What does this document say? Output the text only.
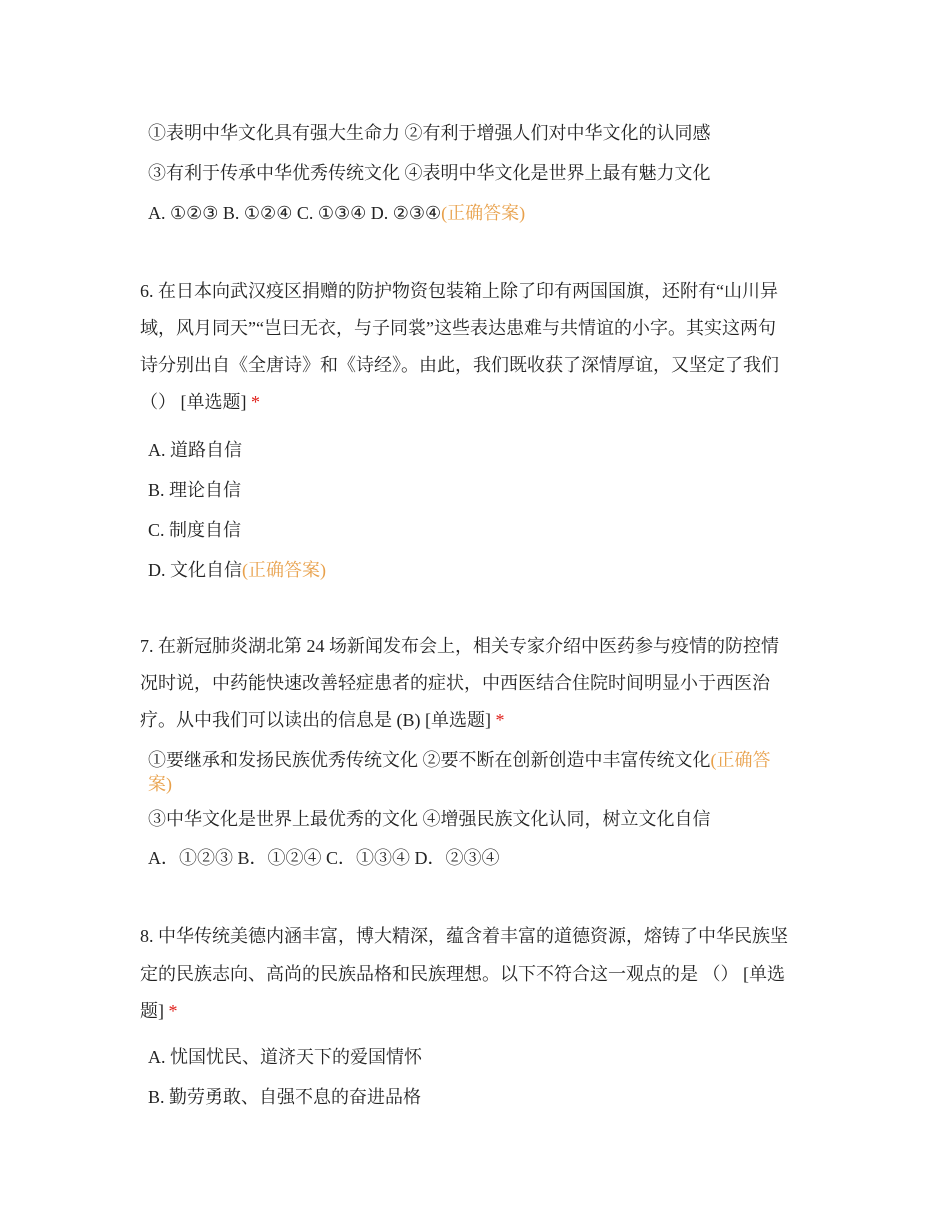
①表明中华文化具有强大生命力 ②有利于增强人们对中华文化的认同感
③有利于传承中华优秀传统文化 ④表明中华文化是世界上最有魅力文化
A. ①②③ B. ①②④ C. ①③④ D. ②③④(正确答案)
6. 在日本向武汉疫区捐赠的防护物资包装箱上除了印有两国国旗，还附有“山川异
域，风月同天”“岂曰无衣，与子同裳”这些表达患难与共情谊的小字。其实这两句
诗分别出自《全唐诗》和《诗经》。由此，我们既收获了深情厚谊，又坚定了我们
（） [单选题] *
A. 道路自信
B. 理论自信
C. 制度自信
D. 文化自信(正确答案)
7. 在新冠肺炎湖北第 24 场新闻发布会上，相关专家介绍中医药参与疫情的防控情
况时说，中药能快速改善轻症患者的症状，中西医结合住院时间明显小于西医治
疗。从中我们可以读出的信息是 (B) [单选题] *
①要继承和发扬民族优秀传统文化 ②要不断在创新创造中丰富传统文化(正确答
案)
③中华文化是世界上最优秀的文化 ④增强民族文化认同，树立文化自信
A．①②③ B．①②④ C．①③④ D．②③④
8. 中华传统美德内涵丰富，博大精深，蕴含着丰富的道德资源，熔铸了中华民族坚
定的民族志向、高尚的民族品格和民族理想。以下不符合这一观点的是 （） [单选
题] *
A. 忧国忧民、道济天下的爱国情怀
B. 勤劳勇敢、自强不息的奋进品格
